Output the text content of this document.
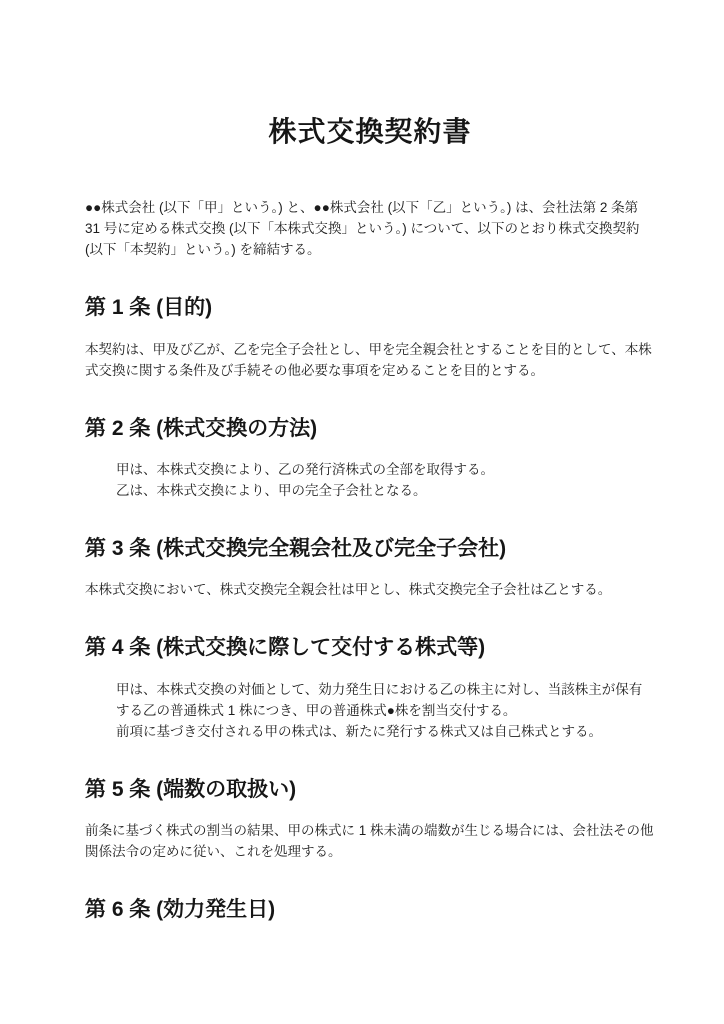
株式交換契約書

●●株式会社 (以下「甲」という。) と、●●株式会社 (以下「乙」という。) は、会社法第 2 条第 31 号に定める株式交換 (以下「本株式交換」という。) について、以下のとおり株式交換契約 (以下「本契約」という。) を締結する。

第 1 条 (目的)

本契約は、甲及び乙が、乙を完全子会社とし、甲を完全親会社とすることを目的として、本株式交換に関する条件及び手続その他必要な事項を定めることを目的とする。

第 2 条 (株式交換の方法)

甲は、本株式交換により、乙の発行済株式の全部を取得する。

乙は、本株式交換により、甲の完全子会社となる。

第 3 条 (株式交換完全親会社及び完全子会社)

本株式交換において、株式交換完全親会社は甲とし、株式交換完全子会社は乙とする。

第 4 条 (株式交換に際して交付する株式等)

甲は、本株式交換の対価として、効力発生日における乙の株主に対し、当該株主が保有する乙の普通株式 1 株につき、甲の普通株式●株を割当交付する。

前項に基づき交付される甲の株式は、新たに発行する株式又は自己株式とする。

第 5 条 (端数の取扱い)

前条に基づく株式の割当の結果、甲の株式に 1 株未満の端数が生じる場合には、会社法その他関係法令の定めに従い、これを処理する。

第 6 条 (効力発生日)
